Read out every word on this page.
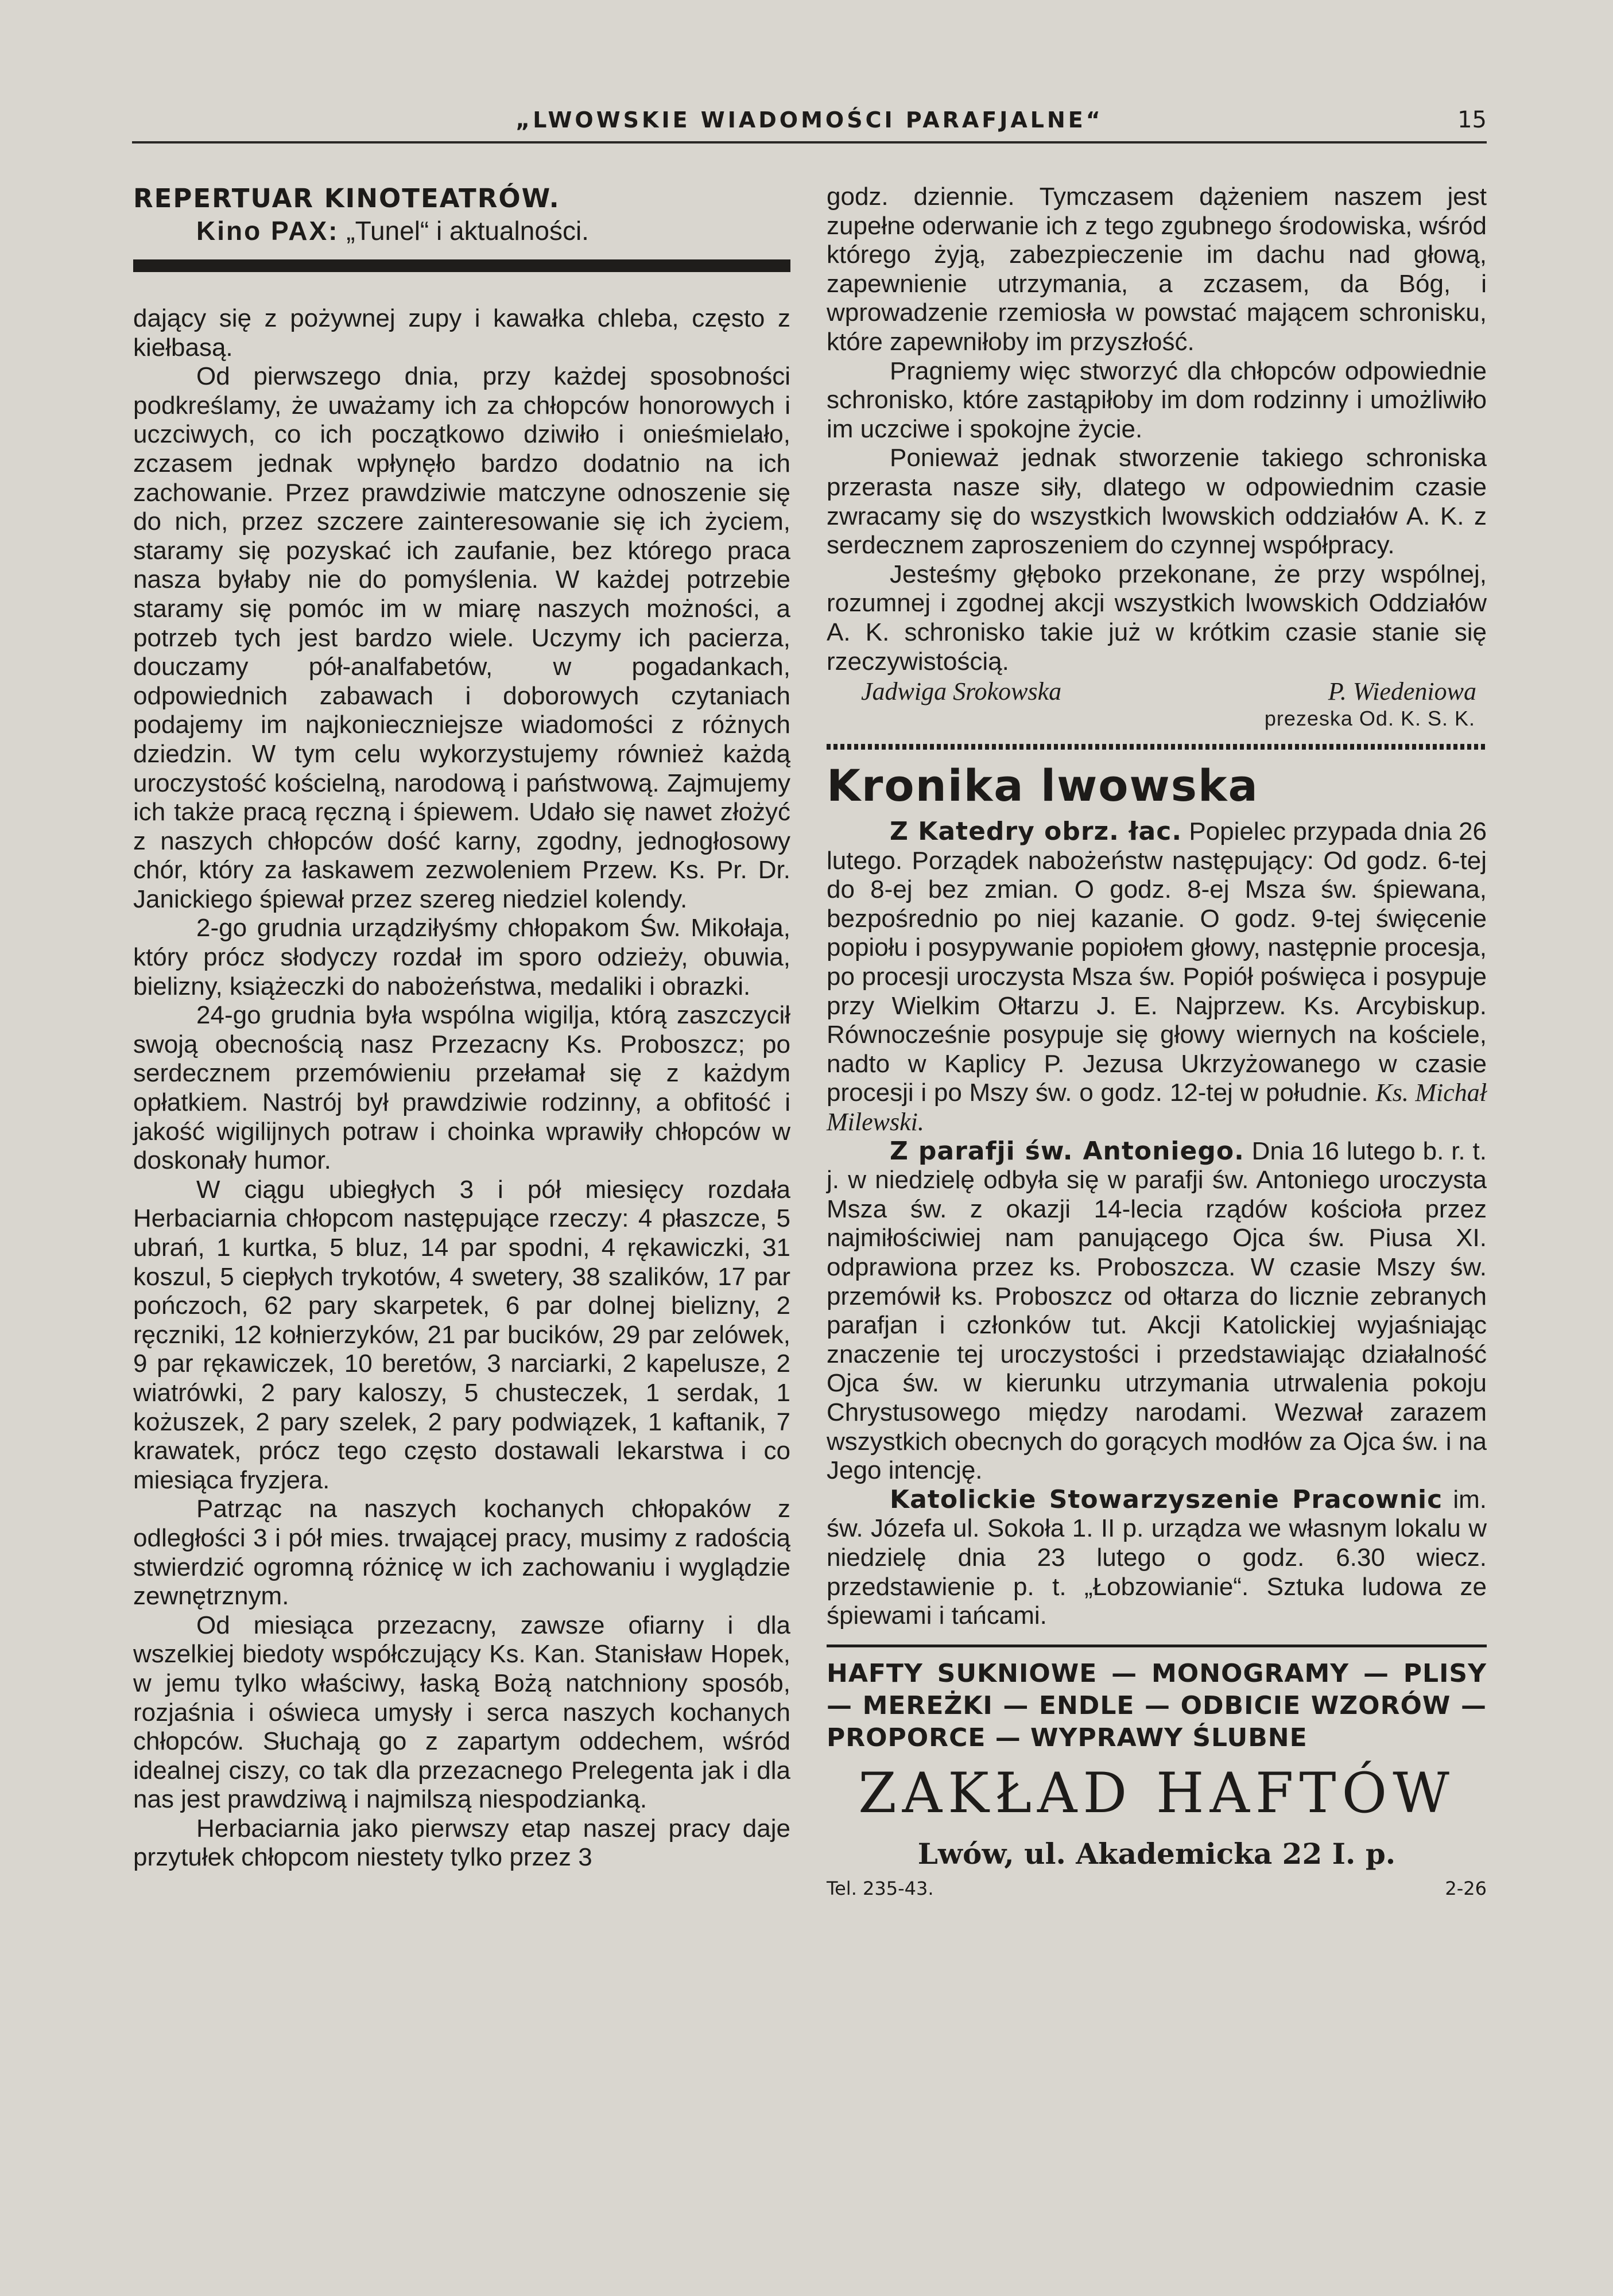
„LWOWSKIE WIADOMOŚCI PARAFJALNE“	15
REPERTUAR KINOTEATRÓW.
Kino PAX: „Tunel“ i aktualności.

dający się z pożywnej zupy i kawałka chleba, często z kiełbasą.

Od pierwszego dnia, przy każdej sposobności podkreślamy, że uważamy ich za chłopców honorowych i uczciwych, co ich początkowo dziwiło i onieśmielało, zczasem jednak wpłynęło bardzo dodatnio na ich zachowanie. Przez prawdziwie matczyne odnoszenie się do nich, przez szczere zainteresowanie się ich życiem, staramy się pozyskać ich zaufanie, bez którego praca nasza byłaby nie do pomyślenia. W każdej potrzebie staramy się pomóc im w miarę naszych możności, a potrzeb tych jest bardzo wiele. Uczymy ich pacierza, douczamy pół-analfabetów, w pogadankach, odpowiednich zabawach i doborowych czytaniach podajemy im najkonieczniejsze wiadomości z różnych dziedzin. W tym celu wykorzystujemy również każdą uroczystość kościelną, narodową i państwową. Zajmujemy ich także pracą ręczną i śpiewem. Udało się nawet złożyć z naszych chłopców dość karny, zgodny, jednogłosowy chór, który za łaskawem zezwoleniem Przew. Ks. Pr. Dr. Janickiego śpiewał przez szereg niedziel kolendy.

2-go grudnia urządziłyśmy chłopakom Św. Mikołaja, który prócz słodyczy rozdał im sporo odzieży, obuwia, bielizny, książeczki do nabożeństwa, medaliki i obrazki.

24-go grudnia była wspólna wigilja, którą zaszczycił swoją obecnością nasz Przezacny Ks. Proboszcz; po serdecznem przemówieniu przełamał się z każdym opłatkiem. Nastrój był prawdziwie rodzinny, a obfitość i jakość wigilijnych potraw i choinka wprawiły chłopców w doskonały humor.

W ciągu ubiegłych 3 i pół miesięcy rozdała Herbaciarnia chłopcom następujące rzeczy: 4 płaszcze, 5 ubrań, 1 kurtka, 5 bluz, 14 par spodni, 4 rękawiczki, 31 koszul, 5 ciepłych trykotów, 4 swetery, 38 szalików, 17 par pończoch, 62 pary skarpetek, 6 par dolnej bielizny, 2 ręczniki, 12 kołnierzyków, 21 par bucików, 29 par zelówek, 9 par rękawiczek, 10 beretów, 3 narciarki, 2 kapelusze, 2 wiatrówki, 2 pary kaloszy, 5 chusteczek, 1 serdak, 1 kożuszek, 2 pary szelek, 2 pary podwiązek, 1 kaftanik, 7 krawatek, prócz tego często dostawali lekarstwa i co miesiąca fryzjera.

Patrząc na naszych kochanych chłopaków z odległości 3 i pół mies. trwającej pracy, musimy z radością stwierdzić ogromną różnicę w ich zachowaniu i wyglądzie zewnętrznym.

Od miesiąca przezacny, zawsze ofiarny i dla wszelkiej biedoty współczujący Ks. Kan. Stanisław Hopek, w jemu tylko właściwy, łaską Bożą natchniony sposób, rozjaśnia i oświeca umysły i serca naszych kochanych chłopców. Słuchają go z zapartym oddechem, wśród idealnej ciszy, co tak dla przezacnego Prelegenta jak i dla nas jest prawdziwą i najmilszą niespodzianką.

Herbaciarnia jako pierwszy etap naszej pracy daje przytułek chłopcom niestety tylko przez 3

godz. dziennie. Tymczasem dążeniem naszem jest zupełne oderwanie ich z tego zgubnego środowiska, wśród którego żyją, zabezpieczenie im dachu nad głową, zapewnienie utrzymania, a zczasem, da Bóg, i wprowadzenie rzemiosła w powstać mającem schronisku, które zapewniłoby im przyszłość.

Pragniemy więc stworzyć dla chłopców odpowiednie schronisko, które zastąpiłoby im dom rodzinny i umożliwiło im uczciwe i spokojne życie.

Ponieważ jednak stworzenie takiego schroniska przerasta nasze siły, dlatego w odpowiednim czasie zwracamy się do wszystkich lwowskich oddziałów A. K. z serdecznem zaproszeniem do czynnej współpracy.

Jesteśmy głęboko przekonane, że przy wspólnej, rozumnej i zgodnej akcji wszystkich lwowskich Oddziałów A. K. schronisko takie już w krótkim czasie stanie się rzeczywistością.

Jadwiga Srokowska	P. Wiedeniowa
prezeska Od. K. S. K.
Kronika lwowska

Z Katedry obrz. łac. Popielec przypada dnia 26 lutego. Porządek nabożeństw następujący: Od godz. 6-tej do 8-ej bez zmian. O godz. 8-ej Msza św. śpiewana, bezpośrednio po niej kazanie. O godz. 9-tej święcenie popiołu i posypywanie popiołem głowy, następnie procesja, po procesji uroczysta Msza św. Popiół poświęca i posypuje przy Wielkim Ołtarzu J. E. Najprzew. Ks. Arcybiskup. Równocześnie posypuje się głowy wiernych na kościele, nadto w Kaplicy P. Jezusa Ukrzyżowanego w czasie procesji i po Mszy św. o godz. 12-tej w południe. Ks. Michał Milewski.

Z parafji św. Antoniego. Dnia 16 lutego b. r. t. j. w niedzielę odbyła się w parafji św. Antoniego uroczysta Msza św. z okazji 14-lecia rządów kościoła przez najmiłościwiej nam panującego Ojca św. Piusa XI. odprawiona przez ks. Proboszcza. W czasie Mszy św. przemówił ks. Proboszcz od ołtarza do licznie zebranych parafjan i członków tut. Akcji Katolickiej wyjaśniając znaczenie tej uroczystości i przedstawiając działalność Ojca św. w kierunku utrzymania utrwalenia pokoju Chrystusowego między narodami. Wezwał zarazem wszystkich obecnych do gorących modłów za Ojca św. i na Jego intencję.

Katolickie Stowarzyszenie Pracownic im. św. Józefa ul. Sokoła 1. II p. urządza we własnym lokalu w niedzielę dnia 23 lutego o godz. 6.30 wiecz. przedstawienie p. t. „Łobzowianie“. Sztuka ludowa ze śpiewami i tańcami.

HAFTY SUKNIOWE — MONOGRAMY — PLISY — MEREŻKI — ENDLE — ODBICIE WZORÓW — PROPORCE — WYPRAWY ŚLUBNE
ZAKŁAD HAFTÓW
Lwów, ul. Akademicka 22 I. p.
Tel. 235-43.	2-26
